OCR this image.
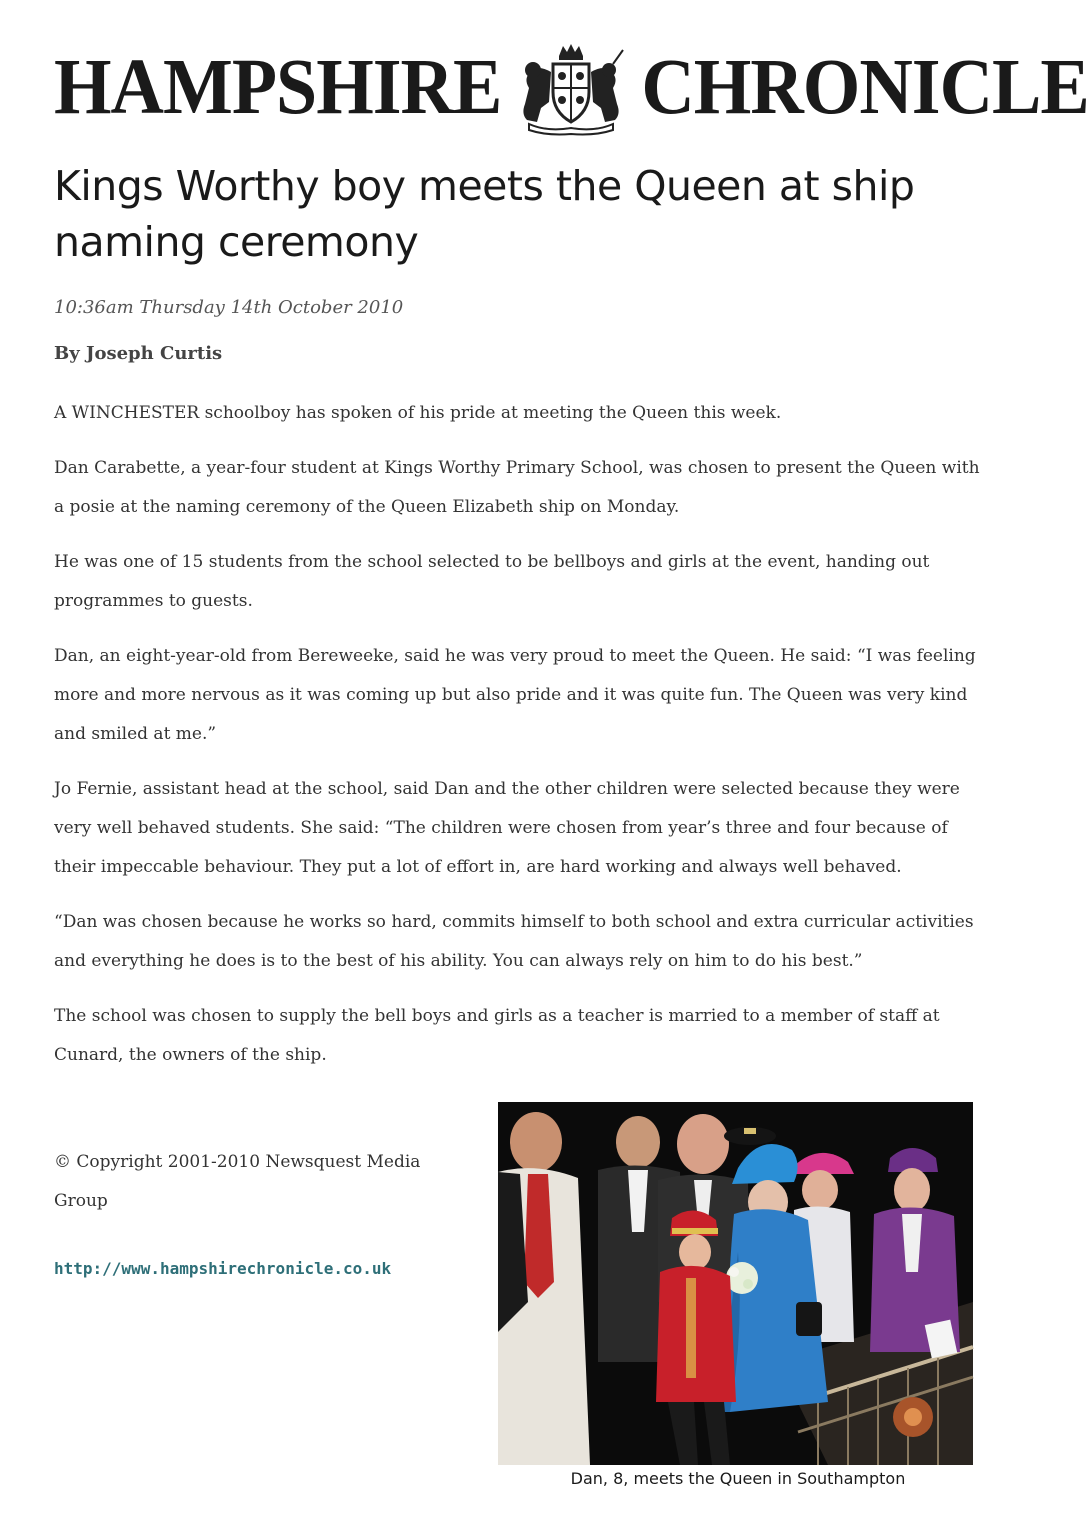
HAMPSHIRE CHRONICLE
Kings Worthy boy meets the Queen at ship naming ceremony

10:36am Thursday 14th October 2010

By Joseph Curtis

A WINCHESTER schoolboy has spoken of his pride at meeting the Queen this week.

Dan Carabette, a year-four student at Kings Worthy Primary School, was chosen to present the Queen with a posie at the naming ceremony of the Queen Elizabeth ship on Monday.

He was one of 15 students from the school selected to be bellboys and girls at the event, handing out programmes to guests.

Dan, an eight-year-old from Bereweeke, said he was very proud to meet the Queen. He said: “I was feeling more and more nervous as it was coming up but also pride and it was quite fun. The Queen was very kind and smiled at me.”

Jo Fernie, assistant head at the school, said Dan and the other children were selected because they were very well behaved students. She said: “The children were chosen from year’s three and four because of their impeccable behaviour. They put a lot of effort in, are hard working and always well behaved.

“Dan was chosen because he works so hard, commits himself to both school and extra curricular activities and everything he does is to the best of his ability. You can always rely on him to do his best.”

The school was chosen to supply the bell boys and girls as a teacher is married to a member of staff at Cunard, the owners of the ship.

© Copyright 2001-2010 Newsquest Media Group

http://www.hampshirechronicle.co.uk

Dan, 8, meets the Queen in Southampton
